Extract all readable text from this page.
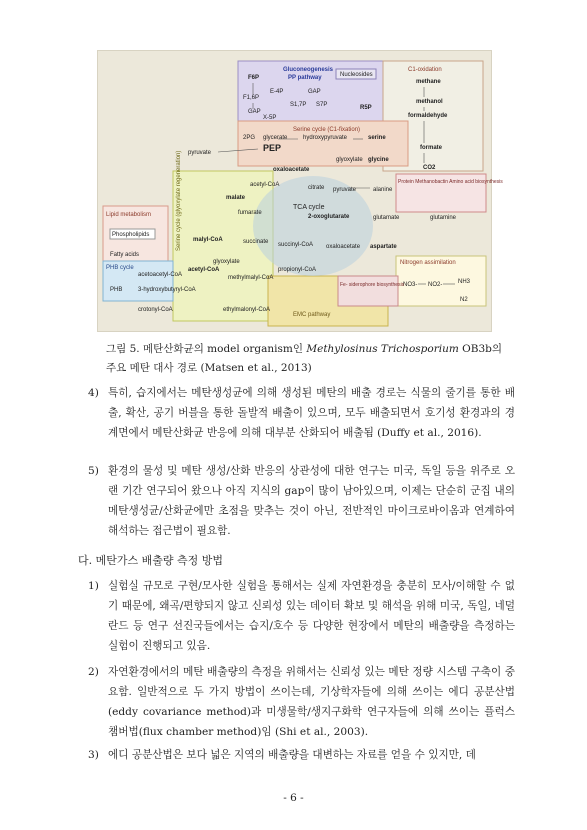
Gluconeogenesis
PP pathway	Nucleosides
F6P
E-4P
F1,6P
GAP
S1,7P S7P	R5P
GAP
X-5P
Serine cycle (C1-fixation)
2PG glycerate	hydroxypyruvate	serine
PEP
glyoxylate glycine
C1-oxidation
methane
methanol
formaldehyde
formate
CO2
pyruvate
oxaloacetate
acetyl-CoA	citrate
malate
TCA cycle
fumarate
2-oxoglutarate
succinate succinyl-CoA
malyl-CoA
glyoxylate
acetyl-CoA
Serine cycle (glyoxylate regeneration)	pyruvate	alanine
glutamate	glutamine
oxaloacetate aspartate
Protein Methanobactin Amino acid biosynthesis
Lipid metabolism
Phospholipids
Fatty acids
PHB cycle
acetoacetyl-CoA
PHB	3-hydroxybutyryl-CoA
crotonyl-CoA
methylmalyl-CoA
propionyl-CoA
ethylmalonyl-CoA
EMC pathway
Nitrogen assimilation
NO3- NO2-	NH3
N2
Fe- siderophore biosynthesis
그림 5. 메탄산화균의 model organism인 Methylosinus Trichosporium OB3b의
주요 메탄 대사 경로 (Matsen et al., 2013)
4) 특히, 습지에서는 메탄생성균에 의해 생성된 메탄의 배출 경로는 식물의 줄기를 통한 배출, 확산, 공기 버블을 통한 돌발적 배출이 있으며, 모두 배출되면서 호기성 환경과의 경계면에서 메탄산화균 반응에 의해 대부분 산화되어 배출됨 (Duffy et al., 2016).
5) 환경의 물성 및 메탄 생성/산화 반응의 상관성에 대한 연구는 미국, 독일 등을 위주로 오랜 기간 연구되어 왔으나 아직 지식의 gap이 많이 남아있으며, 이제는 단순히 군집 내의 메탄생성균/산화균에만 초점을 맞추는 것이 아닌, 전반적인 마이크로바이옴과 연계하여 해석하는 접근법이 필요함.
다. 메탄가스 배출량 측정 방법
1) 실험실 규모로 구현/모사한 실험을 통해서는 실제 자연환경을 충분히 모사/이해할 수 없기 때문에, 왜곡/편향되지 않고 신뢰성 있는 데이터 확보 및 해석을 위해 미국, 독일, 네덜란드 등 연구 선진국들에서는 습지/호수 등 다양한 현장에서 메탄의 배출량을 측정하는 실험이 진행되고 있음.
2) 자연환경에서의 메탄 배출량의 측정을 위해서는 신뢰성 있는 메탄 정량 시스템 구축이 중요함. 일반적으로 두 가지 방법이 쓰이는데, 기상학자들에 의해 쓰이는 에디 공분산법(eddy covariance method)과 미생물학/생지구화학 연구자들에 의해 쓰이는 플럭스 챔버법(flux chamber method)임 (Shi et al., 2003).
3) 에디 공분산법은 보다 넓은 지역의 배출량을 대변하는 자료를 얻을 수 있지만, 데
- 6 -
